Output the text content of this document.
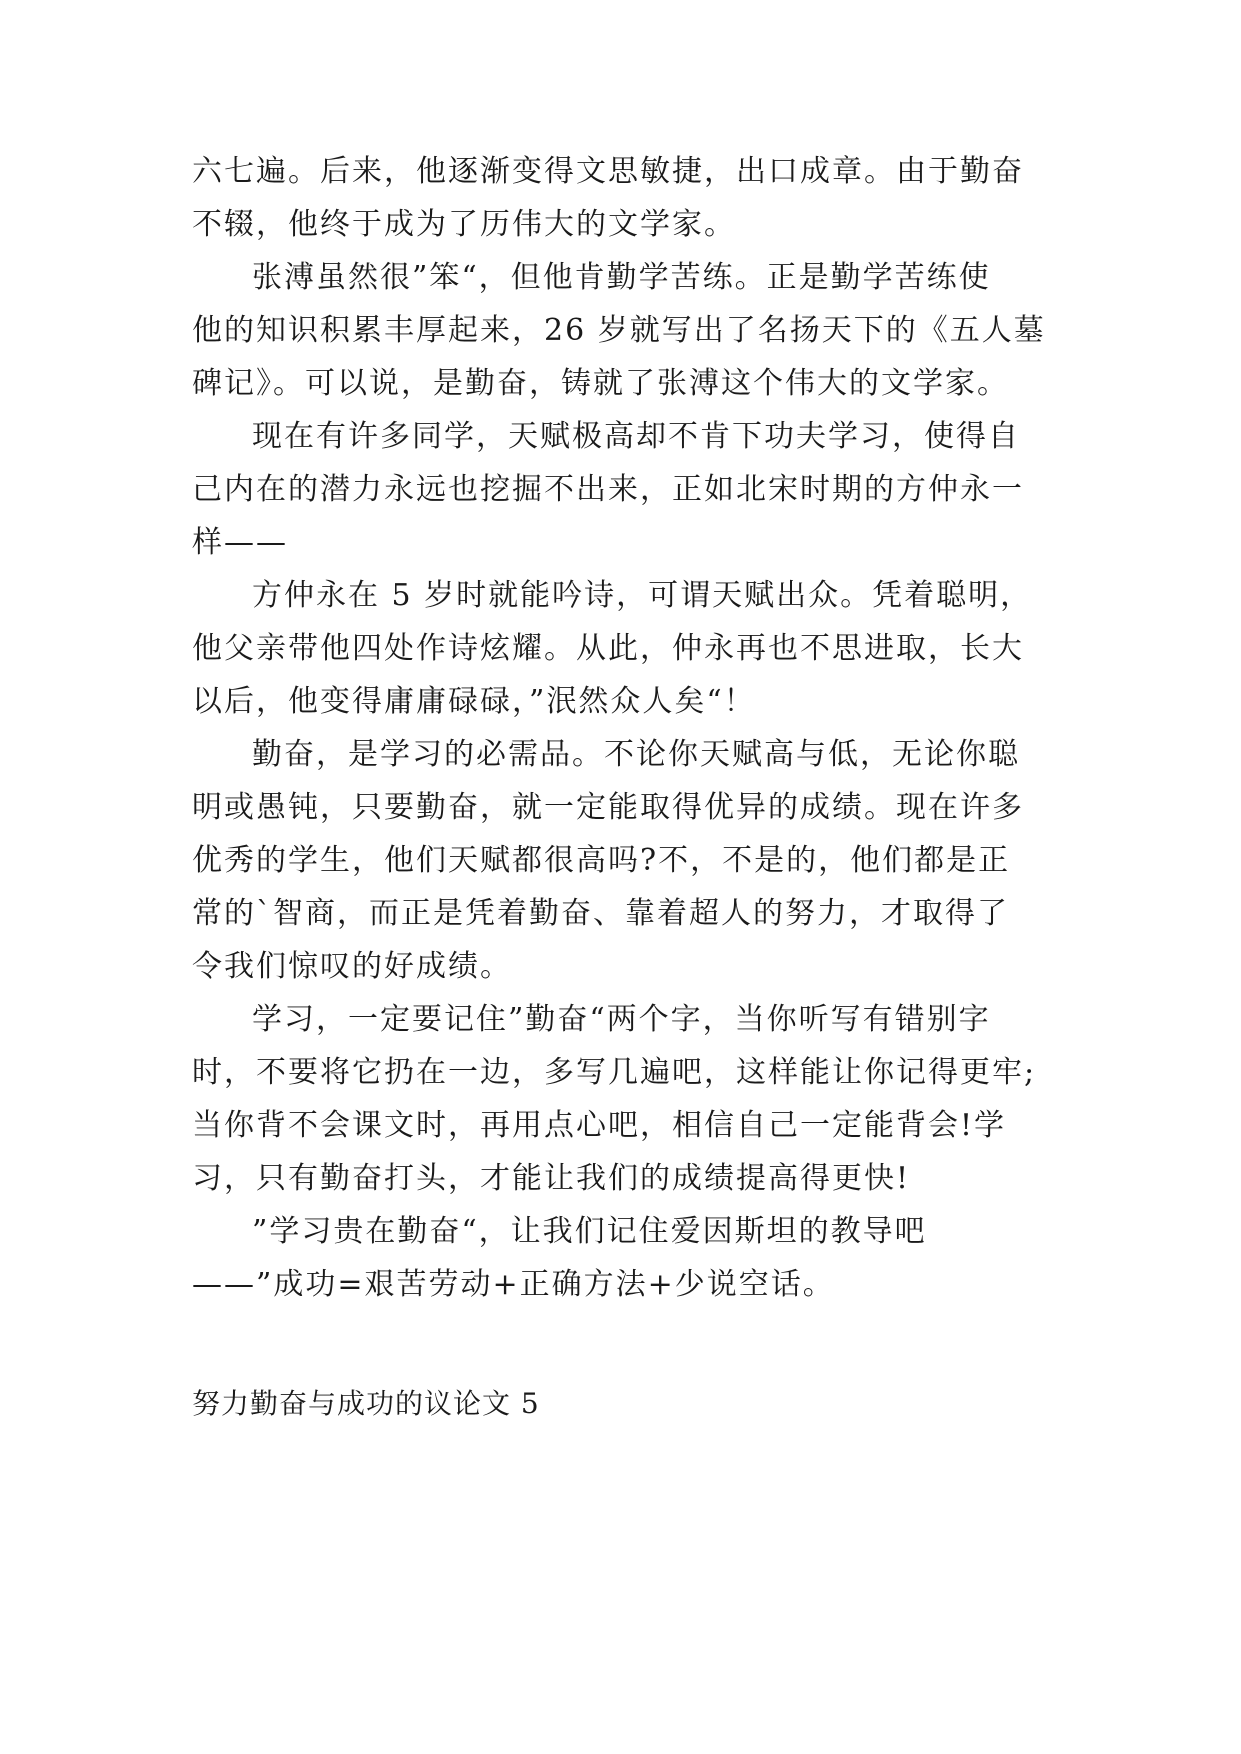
六七遍。后来，他逐渐变得文思敏捷，出口成章。由于勤奋
不辍，他终于成为了历伟大的文学家。
张溥虽然很”笨“，但他肯勤学苦练。正是勤学苦练使
他的知识积累丰厚起来，26 岁就写出了名扬天下的《五人墓
碑记》。可以说，是勤奋，铸就了张溥这个伟大的文学家。
现在有许多同学，天赋极高却不肯下功夫学习，使得自
己内在的潜力永远也挖掘不出来，正如北宋时期的方仲永一
样——
方仲永在 5 岁时就能吟诗，可谓天赋出众。凭着聪明，
他父亲带他四处作诗炫耀。从此，仲永再也不思进取，长大
以后，他变得庸庸碌碌，”泯然众人矣“！
勤奋，是学习的必需品。不论你天赋高与低，无论你聪
明或愚钝，只要勤奋，就一定能取得优异的成绩。现在许多
优秀的学生，他们天赋都很高吗?不，不是的，他们都是正
常的`智商，而正是凭着勤奋、靠着超人的努力，才取得了
令我们惊叹的好成绩。
学习，一定要记住”勤奋“两个字，当你听写有错别字
时，不要将它扔在一边，多写几遍吧，这样能让你记得更牢;
当你背不会课文时，再用点心吧，相信自己一定能背会!学
习，只有勤奋打头，才能让我们的成绩提高得更快!
”学习贵在勤奋“，让我们记住爱因斯坦的教导吧
——”成功=艰苦劳动+正确方法+少说空话。
努力勤奋与成功的议论文 5
